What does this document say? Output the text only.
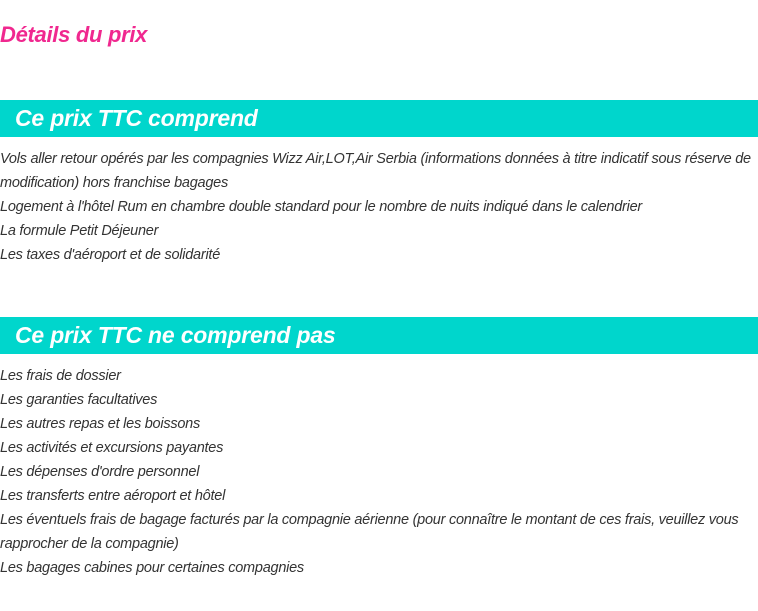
Détails du prix
Ce prix TTC comprend
Vols aller retour opérés par les compagnies Wizz Air,LOT,Air Serbia (informations données à titre indicatif sous réserve de modification) hors franchise bagages
Logement à l'hôtel Rum en chambre double standard pour le nombre de nuits indiqué dans le calendrier
La formule Petit Déjeuner
Les taxes d'aéroport et de solidarité
Ce prix TTC ne comprend pas
Les frais de dossier
Les garanties facultatives
Les autres repas et les boissons
Les activités et excursions payantes
Les dépenses d'ordre personnel
Les transferts entre aéroport et hôtel
Les éventuels frais de bagage facturés par la compagnie aérienne (pour connaître le montant de ces frais, veuillez vous rapprocher de la compagnie)
Les bagages cabines pour certaines compagnies
